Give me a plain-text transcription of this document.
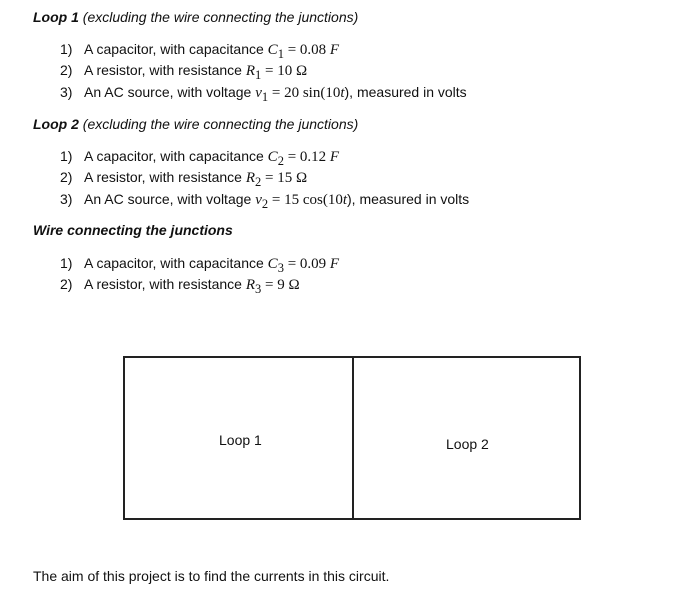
Loop 1 (excluding the wire connecting the junctions)
1) A capacitor, with capacitance $C_1 = 0.08$ F
2) A resistor, with resistance $R_1 = 10$ Ω
3) An AC source, with voltage $v_1 = 20$ sin(10t), measured in volts
Loop 2 (excluding the wire connecting the junctions)
1) A capacitor, with capacitance $C_2 = 0.12$ F
2) A resistor, with resistance $R_2 = 15$ Ω
3) An AC source, with voltage $v_2 = 15$ cos(10t), measured in volts
Wire connecting the junctions
1) A capacitor, with capacitance $C_3 = 0.09$ F
2) A resistor, with resistance $R_3 = 9$ Ω
Loop 1	Loop 2
The aim of this project is to find the currents in this circuit.
